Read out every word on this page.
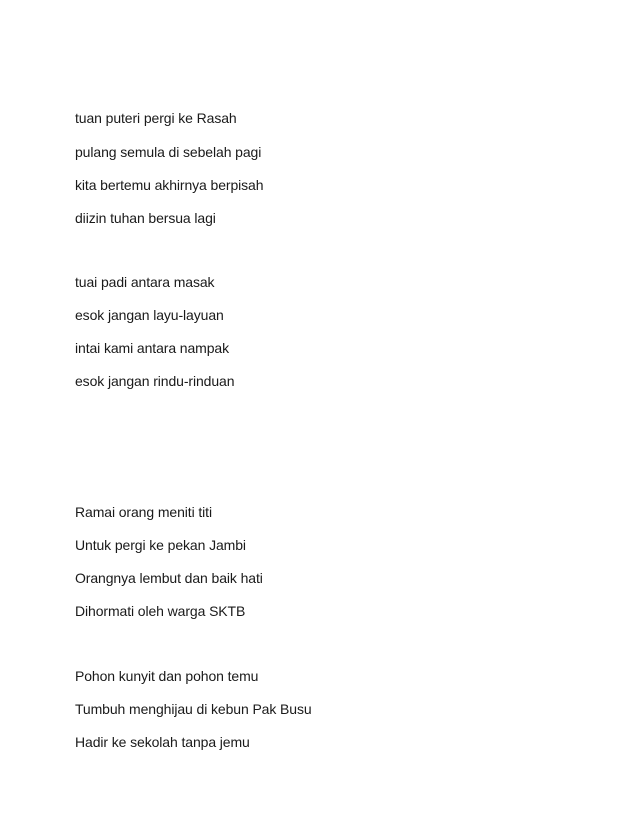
tuan puteri pergi ke Rasah
pulang semula di sebelah pagi
kita bertemu akhirnya berpisah
diizin tuhan bersua lagi
tuai padi antara masak
esok jangan layu-layuan
intai kami antara nampak
esok jangan rindu-rinduan
Ramai orang meniti titi
Untuk pergi ke pekan Jambi
Orangnya lembut dan baik hati
Dihormati oleh warga SKTB
Pohon kunyit dan pohon temu
Tumbuh menghijau di kebun Pak Busu
Hadir ke sekolah tanpa jemu
